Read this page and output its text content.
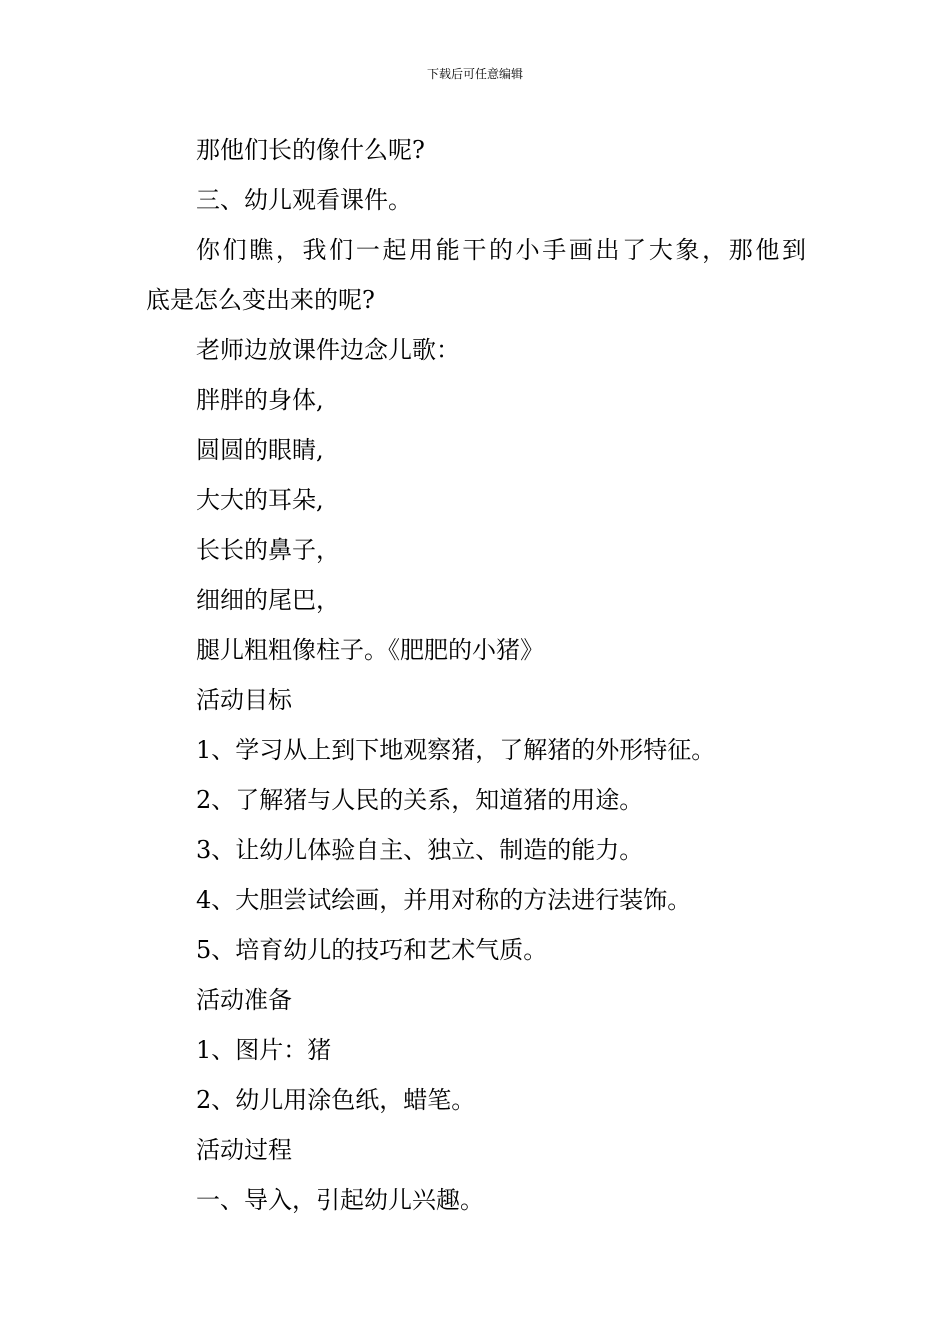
下载后可任意编辑
那他们长的像什么呢?
三、幼儿观看课件。
你们瞧，我们一起用能干的小手画出了大象，那他到
底是怎么变出来的呢?
老师边放课件边念儿歌：
胖胖的身体,
圆圆的眼睛,
大大的耳朵,
长长的鼻子，
细细的尾巴，
腿儿粗粗像柱子。《肥肥的小猪》
活动目标
1、学习从上到下地观察猪，了解猪的外形特征。
2、了解猪与人民的关系，知道猪的用途。
3、让幼儿体验自主、独立、制造的能力。
4、大胆尝试绘画，并用对称的方法进行装饰。
5、培育幼儿的技巧和艺术气质。
活动准备
1、图片：猪
2、幼儿用涂色纸，蜡笔。
活动过程
一、导入，引起幼儿兴趣。
